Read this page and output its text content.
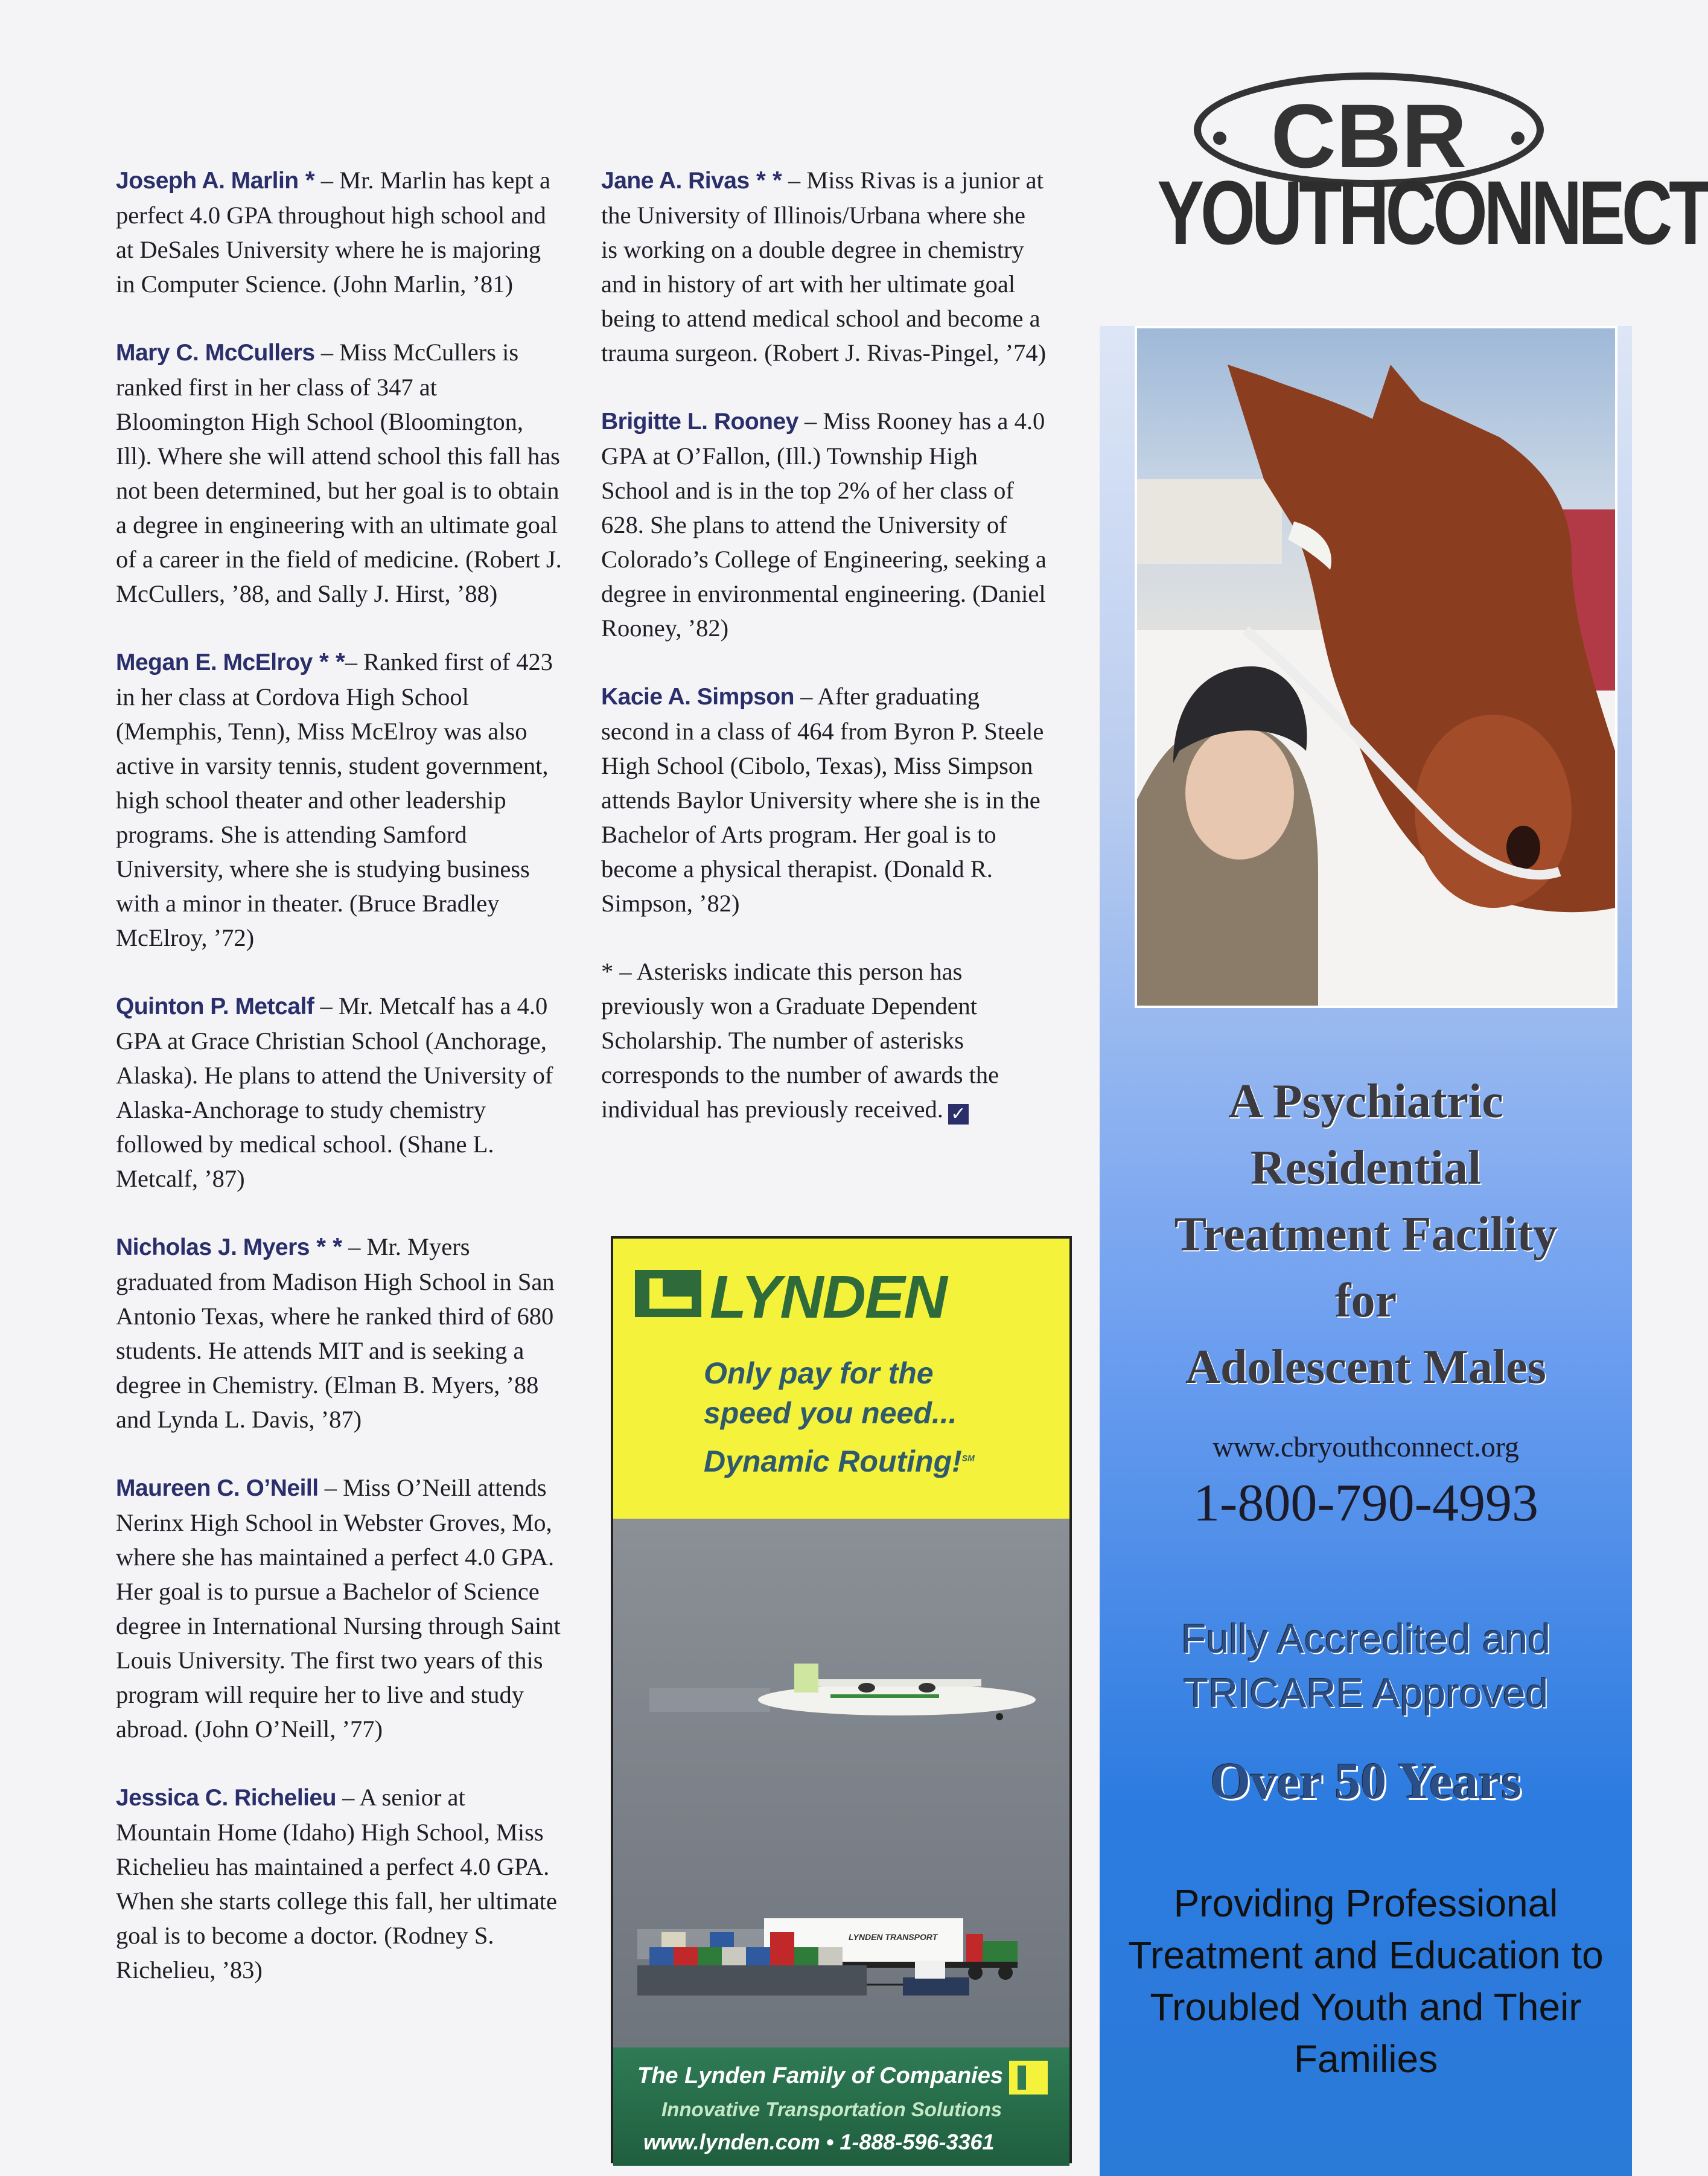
Joseph A. Marlin * – Mr. Marlin has kept a perfect 4.0 GPA throughout high school and at DeSales University where he is majoring in Computer Science. (John Marlin, ’81)

Mary C. McCullers – Miss McCullers is ranked first in her class of 347 at Bloomington High School (Bloomington, Ill). Where she will attend school this fall has not been determined, but her goal is to obtain a degree in engineering with an ultimate goal of a career in the field of medicine. (Robert J. McCullers, ’88, and Sally J. Hirst, ’88)

Megan E. McElroy * *– Ranked first of 423 in her class at Cordova High School (Memphis, Tenn), Miss McElroy was also active in varsity tennis, student government, high school theater and other leadership programs. She is attending Samford University, where she is studying business with a minor in theater. (Bruce Bradley McElroy, ’72)

Quinton P. Metcalf – Mr. Metcalf has a 4.0 GPA at Grace Christian School (Anchorage, Alaska). He plans to attend the University of Alaska-Anchorage to study chemistry followed by medical school. (Shane L. Metcalf, ’87)

Nicholas J. Myers * * – Mr. Myers graduated from Madison High School in San Antonio Texas, where he ranked third of 680 students. He attends MIT and is seeking a degree in Chemistry. (Elman B. Myers, ’88 and Lynda L. Davis, ’87)

Maureen C. O’Neill – Miss O’Neill attends Nerinx High School in Webster Groves, Mo, where she has maintained a perfect 4.0 GPA. Her goal is to pursue a Bachelor of Science degree in International Nursing through Saint Louis University. The first two years of this program will require her to live and study abroad. (John O’Neill, ’77)

Jessica C. Richelieu – A senior at Mountain Home (Idaho) High School, Miss Richelieu has maintained a perfect 4.0 GPA. When she starts college this fall, her ultimate goal is to become a doctor. (Rodney S. Richelieu, ’83)

Jane A. Rivas * * – Miss Rivas is a junior at the University of Illinois/Urbana where she is working on a double degree in chemistry and in history of art with her ultimate goal being to attend medical school and become a trauma surgeon. (Robert J. Rivas-Pingel, ’74)

Brigitte L. Rooney – Miss Rooney has a 4.0 GPA at O’Fallon, (Ill.) Township High School and is in the top 2% of her class of 628. She plans to attend the University of Colorado’s College of Engineering, seeking a degree in environmental engineering. (Daniel Rooney, ’82)

Kacie A. Simpson – After graduating second in a class of 464 from Byron P. Steele High School (Cibolo, Texas), Miss Simpson attends Baylor University where she is in the Bachelor of Arts program. Her goal is to become a physical therapist. (Donald R. Simpson, ’82)

* – Asterisks indicate this person has previously won a Graduate Dependent Scholarship. The number of asterisks corresponds to the number of awards the individual has previously received. ✓

LYNDEN
Only pay for the speed you need...
Dynamic Routing!℠
LYNDEN TRANSPORT
The Lynden Family of Companies
Innovative Transportation Solutions
www.lynden.com • 1-888-596-3361
CBR
YOUTHCONNECT
A Psychiatric
Residential
Treatment Facility
for
Adolescent Males
www.cbryouthconnect.org
1-800-790-4993
Fully Accredited and
TRICARE Approved
Over 50 Years
Providing Professional
Treatment and Education to
Troubled Youth and Their
Families
